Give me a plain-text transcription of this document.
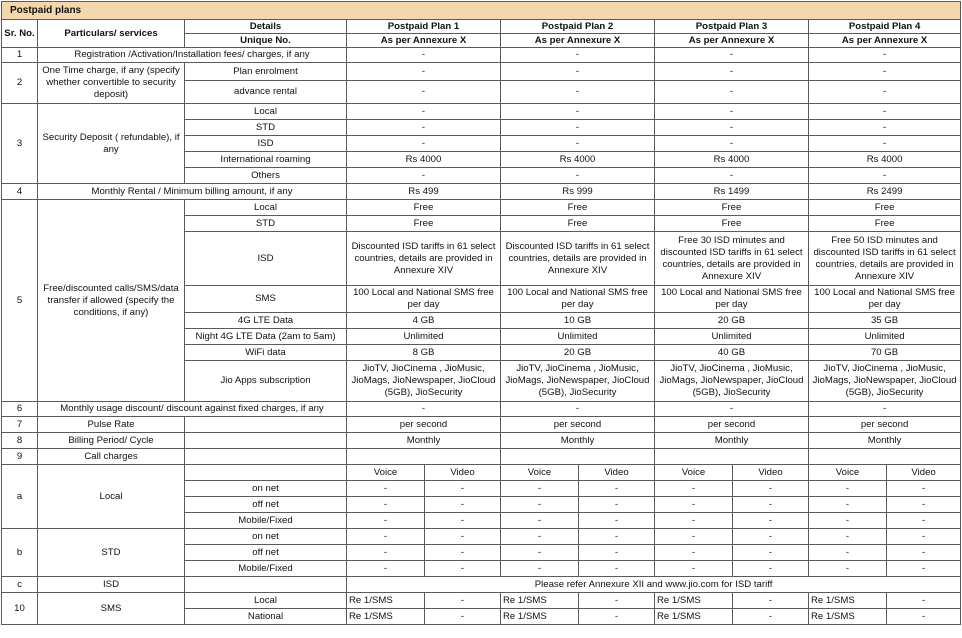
Postpaid plans										
Sr. No.	Particulars/ services	Details	Postpaid Plan 1		Postpaid Plan 2		Postpaid Plan 3		Postpaid Plan 4	
		Unique No.	As per Annexure X		As per Annexure X		As per Annexure X		As per Annexure X	
1	Registration /Activation/Installation fees/ charges, if any		-		-		-		-	
2	One Time charge, if any (specify whether convertible to security deposit)	Plan enrolment	-		-		-		-	
		advance rental	-		-		-		-	
3	Security Deposit ( refundable), if any	Local	-		-		-		-	
		STD	-		-		-		-	
		ISD	-		-		-		-	
		International roaming	Rs 4000		Rs 4000		Rs 4000		Rs 4000	
		Others	-		-		-		-	
4	Monthly Rental / Minimum billing amount, if any		Rs 499		Rs 999		Rs 1499		Rs 2499	
5	Free/discounted calls/SMS/data transfer if allowed (specify the conditions, if any)	Local	Free		Free		Free		Free	
		STD	Free		Free		Free		Free	
		ISD	Discounted ISD tariffs in 61 select countries, details are provided in Annexure XIV		Discounted ISD tariffs in 61 select countries, details are provided in Annexure XIV		Free 30 ISD minutes and discounted ISD tariffs in 61 select countries, details are provided in Annexure XIV		Free 50 ISD minutes and discounted ISD tariffs in 61 select countries, details are provided in Annexure XIV	
		SMS	100 Local and National SMS free per day		100 Local and National SMS free per day		100 Local and National SMS free per day		100 Local and National SMS free per day	
		4G LTE Data	4 GB		10 GB		20 GB		35 GB	
		Night 4G LTE Data (2am to 5am)	Unlimited		Unlimited		Unlimited		Unlimited	
		WiFi data	8 GB		20 GB		40 GB		70 GB	
		Jio Apps subscription	JioTV, JioCinema , JioMusic, JioMags, JioNewspaper, JioCloud (5GB), JioSecurity		JioTV, JioCinema , JioMusic, JioMags, JioNewspaper, JioCloud (5GB), JioSecurity		JioTV, JioCinema , JioMusic, JioMags, JioNewspaper, JioCloud (5GB), JioSecurity		JioTV, JioCinema , JioMusic, JioMags, JioNewspaper, JioCloud (5GB), JioSecurity	
6	Monthly usage discount/ discount against fixed charges, if any		-		-		-		-	
7	Pulse Rate		per second		per second		per second		per second	
8	Billing Period/ Cycle		Monthly		Monthly		Monthly		Monthly	
9	Call charges									
a	Local		Voice	Video	Voice	Video	Voice	Video	Voice	Video
		on net	-	-	-	-	-	-	-	-
		off net	-	-	-	-	-	-	-	-
		Mobile/Fixed	-	-	-	-	-	-	-	-
b	STD	on net	-	-	-	-	-	-	-	-
		off net	-	-	-	-	-	-	-	-
		Mobile/Fixed	-	-	-	-	-	-	-	-
c	ISD		Please refer Annexure XII and www.jio.com for ISD tariff							
10	SMS	Local	Re 1/SMS	-	Re 1/SMS	-	Re 1/SMS	-	Re 1/SMS	-
		National	Re 1/SMS	-	Re 1/SMS	-	Re 1/SMS	-	Re 1/SMS	-
